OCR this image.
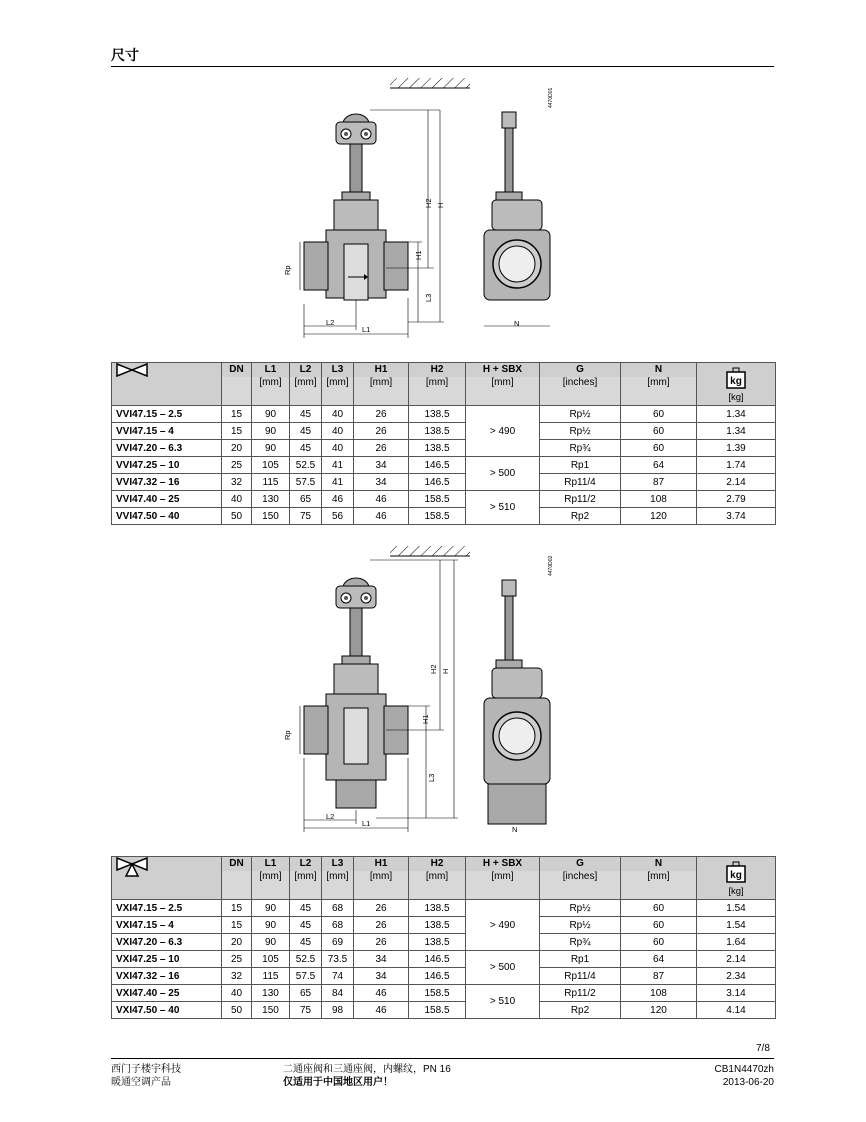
尺寸
L2
L1
Rp
H2 H
H1
L3
N
4470D01
	DN	L1	L2	L3	H1	H2	H + SBX	G	N	kg
[kg]

		[mm]	[mm]	[mm]	[mm]	[mm]	[mm]	[inches]	[mm]	
VVI47.15 – 2.5	15	90	45	40	26	138.5	> 490	Rp½	60	1.34
VVI47.15 – 4	15	90	45	40	26	138.5		Rp½	60	1.34
VVI47.20 – 6.3	20	90	45	40	26	138.5		Rp¾	60	1.39
VVI47.25 – 10	25	105	52.5	41	34	146.5	> 500	Rp1	64	1.74
VVI47.32 – 16	32	115	57.5	41	34	146.5		Rp11/4	87	2.14
VVI47.40 – 25	40	130	65	46	46	158.5	> 510	Rp11/2	108	2.79
VVI47.50 – 40	50	150	75	56	46	158.5		Rp2	120	3.74
L2
L1
Rp
H2 H
H1
L3
N
4470D02
	DN	L1	L2	L3	H1	H2	H + SBX	G	N	kg
[kg]

		[mm]	[mm]	[mm]	[mm]	[mm]	[mm]	[inches]	[mm]	
VXI47.15 – 2.5	15	90	45	68	26	138.5	> 490	Rp½	60	1.54
VXI47.15 – 4	15	90	45	68	26	138.5		Rp½	60	1.54
VXI47.20 – 6.3	20	90	45	69	26	138.5		Rp¾	60	1.64
VXI47.25 – 10	25	105	52.5	73.5	34	146.5	> 500	Rp1	64	2.14
VXI47.32 – 16	32	115	57.5	74	34	146.5		Rp11/4	87	2.34
VXI47.40 – 25	40	130	65	84	46	158.5	> 510	Rp11/2	108	3.14
VXI47.50 – 40	50	150	75	98	46	158.5		Rp2	120	4.14
7/8
西门子楼宇科技
暖通空调产品
二通座阀和三通座阀，内螺纹，PN 16
仅适用于中国地区用户！
CB1N4470zh
2013-06-20
